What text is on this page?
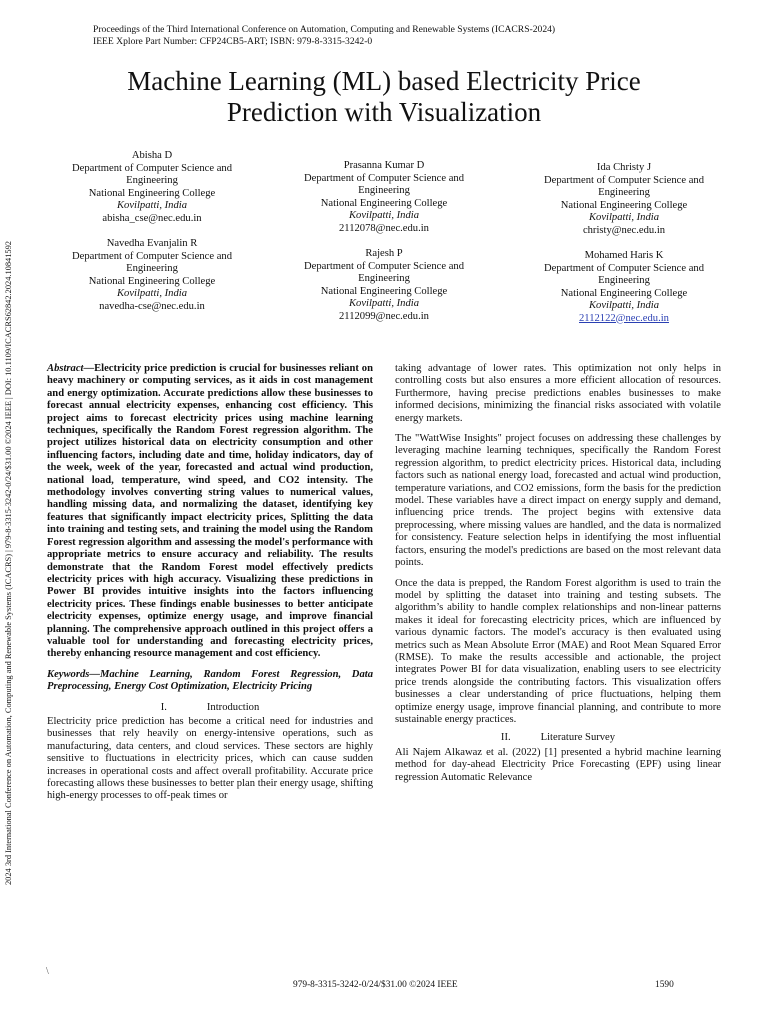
Proceedings of the Third International Conference on Automation, Computing and Renewable Systems (ICACRS-2024)
IEEE Xplore Part Number: CFP24CB5-ART; ISBN: 979-8-3315-3242-0
Machine Learning (ML) based Electricity Price
Prediction with Visualization
2024 3rd International Conference on Automation, Computing and Renewable Systems (ICACRS) | 979-8-3315-3242-0/24/$31.00 ©2024 IEEE | DOI: 10.1109/ICACRS62842.2024.10841592
Abisha D
Department of Computer Science and
Engineering
National Engineering College
Kovilpatti, India
abisha_cse@nec.edu.in
Navedha Evanjalin R
Department of Computer Science and
Engineering
National Engineering College
Kovilpatti, India
navedha-cse@nec.edu.in
Prasanna Kumar D
Department of Computer Science and
Engineering
National Engineering College
Kovilpatti, India
2112078@nec.edu.in
Rajesh P
Department of Computer Science and
Engineering
National Engineering College
Kovilpatti, India
2112099@nec.edu.in
Ida Christy J
Department of Computer Science and
Engineering
National Engineering College
Kovilpatti, India
christy@nec.edu.in
Mohamed Haris K
Department of Computer Science and
Engineering
National Engineering College
Kovilpatti, India
2112122@nec.edu.in

Abstract—Electricity price prediction is crucial for businesses reliant on heavy machinery or computing services, as it aids in cost management and energy optimization. Accurate predictions allow these businesses to forecast annual electricity expenses, enhancing cost efficiency. This project aims to forecast electricity prices using machine learning techniques, specifically the Random Forest regression algorithm. The project utilizes historical data on electricity consumption and other influencing factors, including date and time, holiday indicators, day of the week, week of the year, forecasted and actual wind production, national load, temperature, wind speed, and CO2 intensity. The methodology involves converting string values to numerical values, handling missing data, and normalizing the dataset, identifying key features that significantly impact electricity prices, Splitting the data into training and testing sets, and training the model using the Random Forest regression algorithm and assessing the model's performance with appropriate metrics to ensure accuracy and reliability. The results demonstrate that the Random Forest model effectively predicts electricity prices with high accuracy. Visualizing these predictions in Power BI provides intuitive insights into the factors influencing electricity prices. These findings enable businesses to better anticipate electricity expenses, optimize energy usage, and improve financial planning. The comprehensive approach outlined in this project offers a valuable tool for understanding and forecasting electricity prices, thereby enhancing resource management and cost efficiency.

Keywords—Machine Learning, Random Forest Regression, Data Preprocessing, Energy Cost Optimization, Electricity Pricing

I.	Introduction

Electricity price prediction has become a critical need for industries and businesses that rely heavily on energy-intensive operations, such as manufacturing, data centers, and cloud services. These sectors are highly sensitive to fluctuations in electricity prices, which can cause sudden increases in operational costs and affect overall profitability. Accurate price forecasting allows these businesses to better plan their energy usage, shifting high-energy processes to off-peak times or

taking advantage of lower rates. This optimization not only helps in controlling costs but also ensures a more efficient allocation of resources. Furthermore, having precise predictions enables businesses to make informed decisions, minimizing the financial risks associated with volatile energy markets.

The "WattWise Insights" project focuses on addressing these challenges by leveraging machine learning techniques, specifically the Random Forest regression algorithm, to predict electricity prices. Historical data, including factors such as national energy load, forecasted and actual wind production, temperature variations, and CO2 emissions, form the basis for the prediction model. These variables have a direct impact on energy supply and demand, influencing price trends. The project begins with extensive data preprocessing, where missing values are handled, and the data is normalized for consistency. Feature selection helps in identifying the most influential factors, ensuring the model's predictions are based on the most relevant data points.

Once the data is prepped, the Random Forest algorithm is used to train the model by splitting the dataset into training and testing subsets. The algorithm’s ability to handle complex relationships and non-linear patterns makes it ideal for forecasting electricity prices, which are influenced by various dynamic factors. The model's accuracy is then evaluated using metrics such as Mean Absolute Error (MAE) and Root Mean Squared Error (RMSE). To make the results accessible and actionable, the project integrates Power BI for data visualization, enabling users to see electricity price trends alongside the contributing factors. This visualization offers businesses a clear understanding of price fluctuations, helping them optimize energy usage, improve financial planning, and contribute to more sustainable energy practices.

II.	Literature Survey

Ali Najem Alkawaz et al. (2022) [1] presented a hybrid machine learning method for day-ahead Electricity Price Forecasting (EPF) using linear regression Automatic Relevance

\
979-8-3315-3242-0/24/$31.00 ©2024 IEEE	1590
